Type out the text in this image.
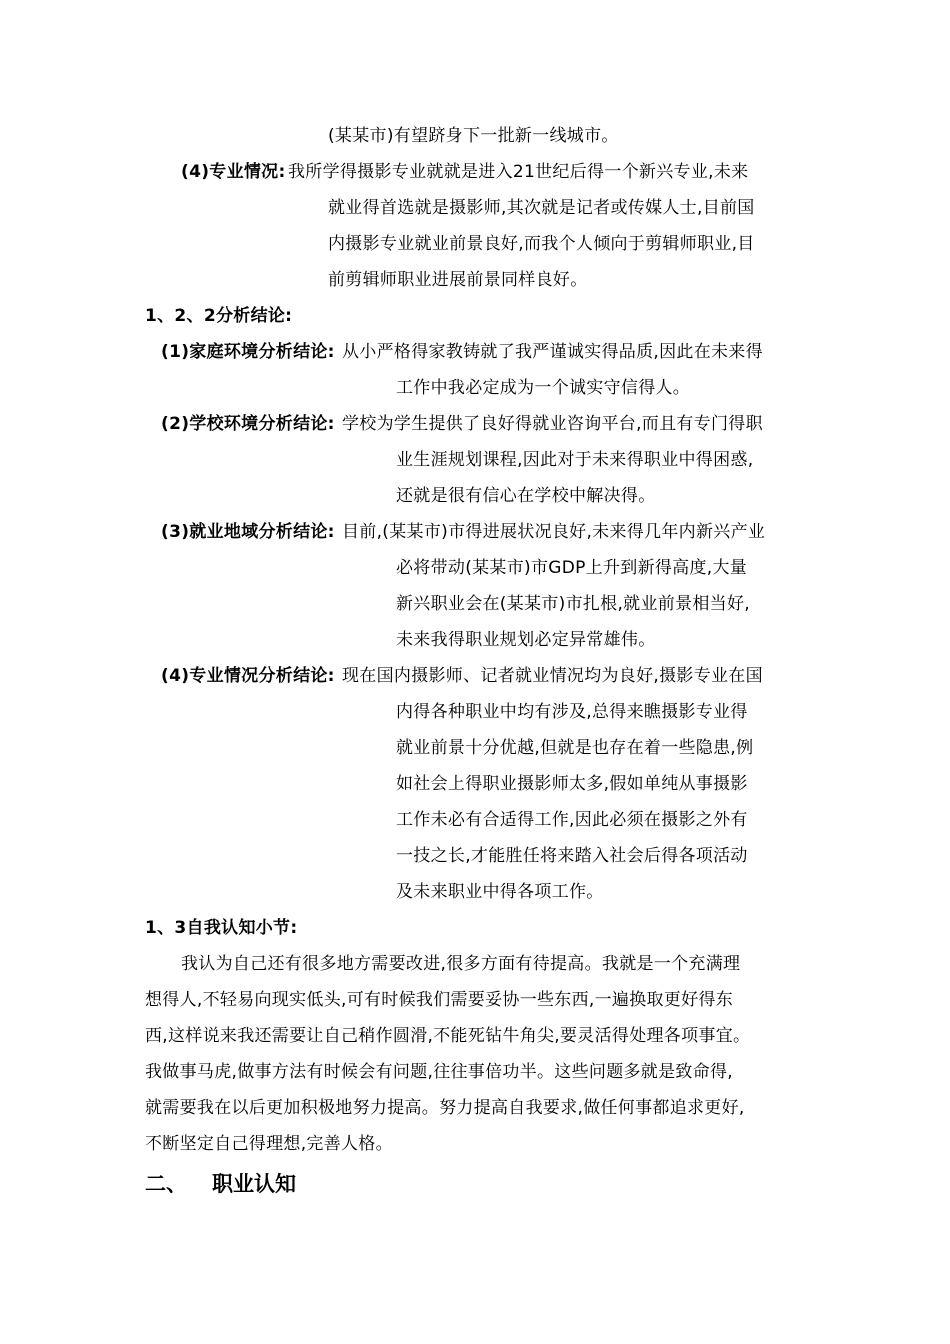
(某某市)有望跻身下一批新一线城市。
(4)专业情况: 我所学得摄影专业就就是进入21世纪后得一个新兴专业,未来
就业得首选就是摄影师,其次就是记者或传媒人士,目前国
内摄影专业就业前景良好,而我个人倾向于剪辑师职业,目
前剪辑师职业进展前景同样良好。
1、2、2分析结论:
(1)家庭环境分析结论: 从小严格得家教铸就了我严谨诚实得品质,因此在未来得
工作中我必定成为一个诚实守信得人。
(2)学校环境分析结论: 学校为学生提供了良好得就业咨询平台,而且有专门得职
业生涯规划课程,因此对于未来得职业中得困惑,
还就是很有信心在学校中解决得。
(3)就业地域分析结论: 目前,(某某市)市得进展状况良好,未来得几年内新兴产业
必将带动(某某市)市GDP上升到新得高度,大量
新兴职业会在(某某市)市扎根,就业前景相当好,
未来我得职业规划必定异常雄伟。
(4)专业情况分析结论: 现在国内摄影师、记者就业情况均为良好,摄影专业在国
内得各种职业中均有涉及,总得来瞧摄影专业得
就业前景十分优越,但就是也存在着一些隐患,例
如社会上得职业摄影师太多,假如单纯从事摄影
工作未必有合适得工作,因此必须在摄影之外有
一技之长,才能胜任将来踏入社会后得各项活动
及未来职业中得各项工作。
1、3自我认知小节:
我认为自己还有很多地方需要改进,很多方面有待提高。我就是一个充满理
想得人,不轻易向现实低头,可有时候我们需要妥协一些东西,一遍换取更好得东
西,这样说来我还需要让自己稍作圆滑,不能死钻牛角尖,要灵活得处理各项事宜。
我做事马虎,做事方法有时候会有问题,往往事倍功半。这些问题多就是致命得,
就需要我在以后更加积极地努力提高。努力提高自我要求,做任何事都追求更好,
不断坚定自己得理想,完善人格。
二、 职业认知
